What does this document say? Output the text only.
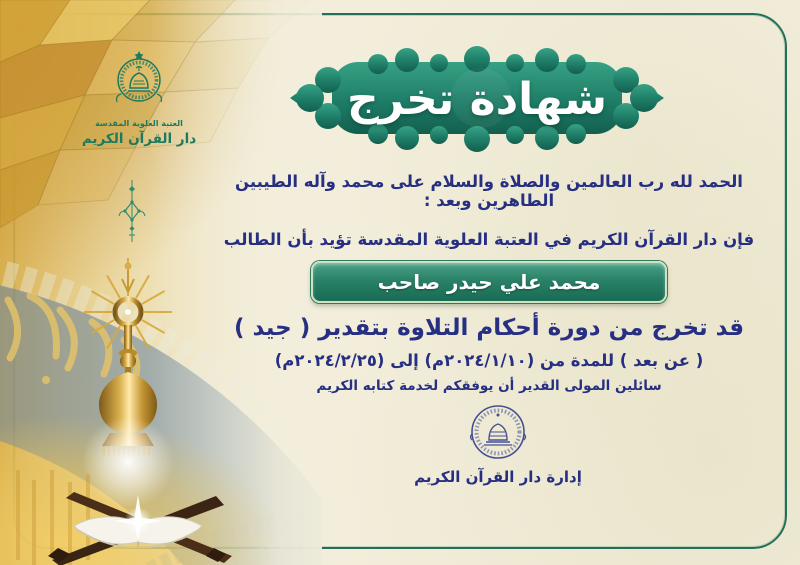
العتبة العلوية المقدسة
دار القرآن الكريم
شهادة تخرج
الحمد لله رب العالمين والصلاة والسلام على محمد وآله الطيبين الطاهرين وبعد :
فإن دار القرآن الكريم في العتبة العلوية المقدسة تؤيد بأن الطالب
محمد علي حيدر صاحب
قد تخرج من دورة أحكام التلاوة بتقدير ( جيد )
( عن بعد ) للمدة من (٢٠٢٤/١/١٠م) إلى (٢٠٢٤/٢/٢٥م)
سائلين المولى القدير أن يوفقكم لخدمة كتابه الكريم
إدارة دار القرآن الكريم
